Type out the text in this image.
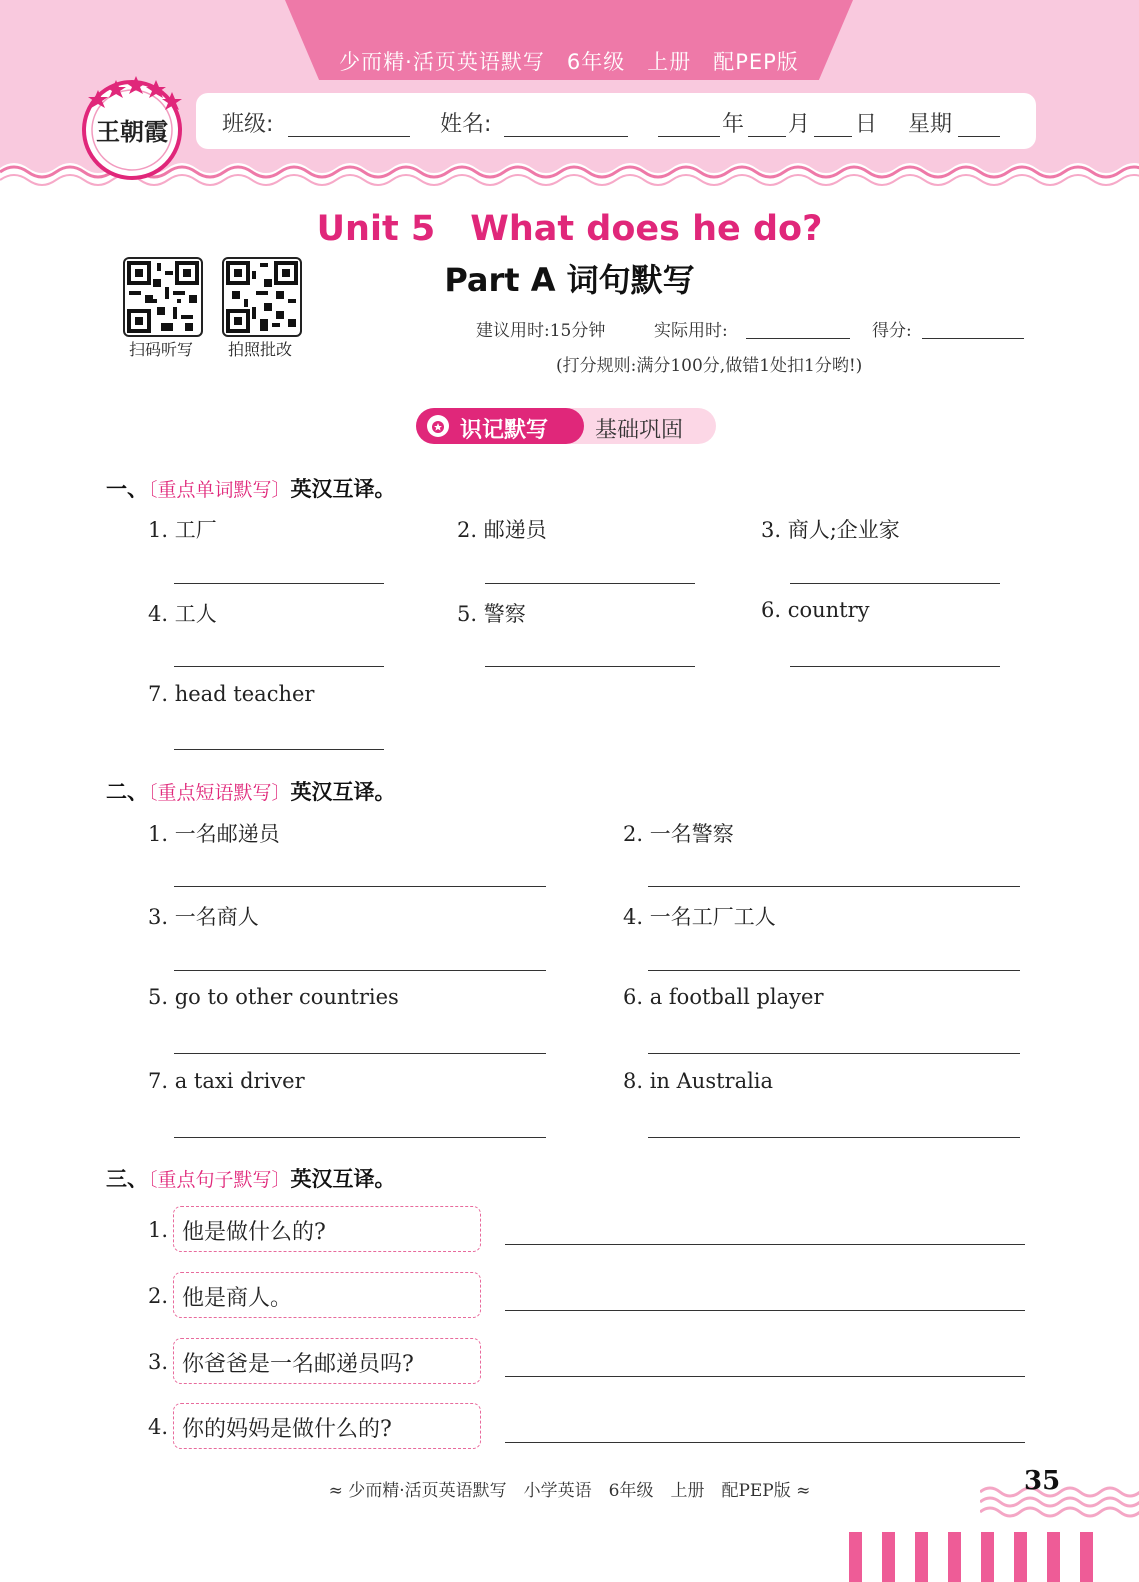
少而精·活页英语默写　6年级　上册　配PEP版
班级:	姓名:	年 月 日 星期
王朝霞
Unit 5　What does he do?
Part A 词句默写
扫码听写	拍照批改
建议用时:15分钟	实际用时:	得分:
(打分规则:满分100分,做错1处扣1分哟!)
识记默写 基础巩固
一、〔重点单词默写〕英汉互译。
1. 工厂	2. 邮递员	3. 商人;企业家
4. 工人	5. 警察	6. country
7. head teacher
二、〔重点短语默写〕英汉互译。
1. 一名邮递员	2. 一名警察
3. 一名商人	4. 一名工厂工人
5. go to other countries	6. a football player
7. a taxi driver	8. in Australia
三、〔重点句子默写〕英汉互译。
1. 他是做什么的?
2. 他是商人。
3. 你爸爸是一名邮递员吗?
4. 你的妈妈是做什么的?
≈ 少而精·活页英语默写　小学英语　6年级　上册　配PEP版 ≈	35
